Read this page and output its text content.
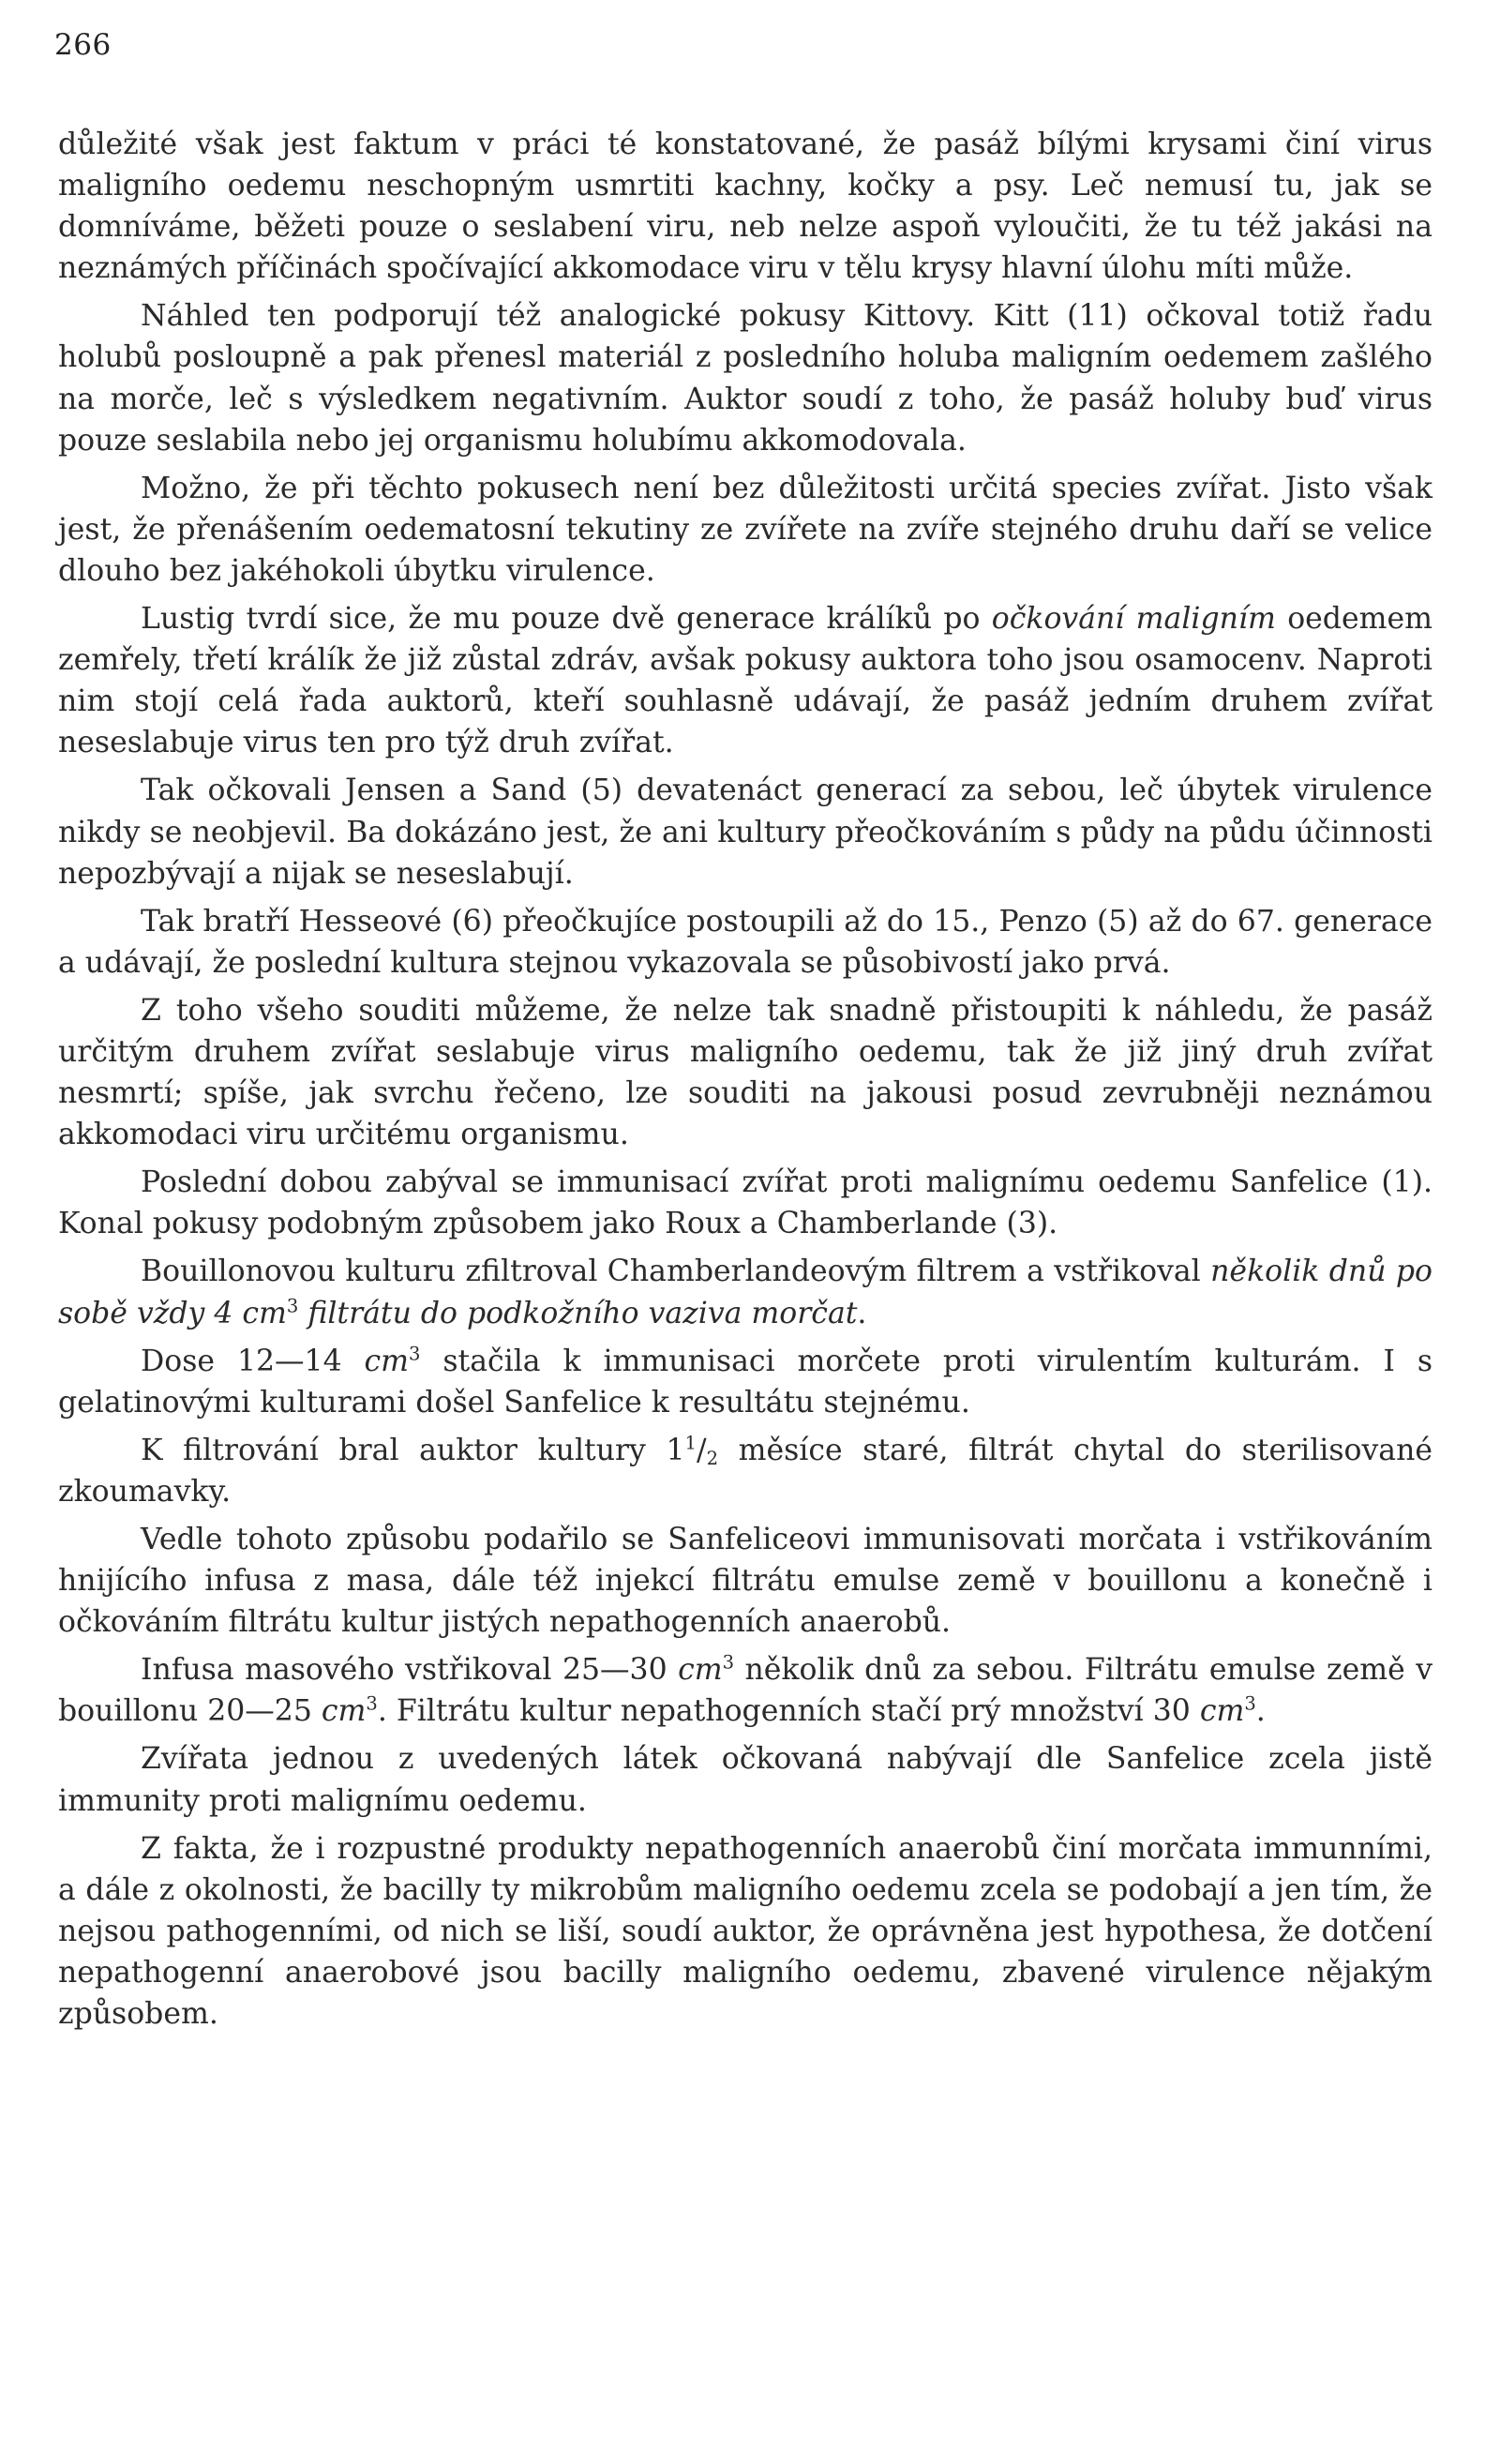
266

důležité však jest faktum v práci té konstatované, že pasáž bílými krysami činí virus maligního oedemu neschopným usmrtiti kachny, kočky a psy. Leč nemusí tu, jak se domníváme, běžeti pouze o seslabení viru, neb nelze aspoň vyloučiti, že tu též jakási na neznámých příčinách spočívající akkomodace viru v tělu krysy hlavní úlohu míti může.

Náhled ten podporují též analogické pokusy Kittovy. Kitt (11) očkoval totiž řadu holubů posloupně a pak přenesl materiál z posledního holuba maligním oedemem zašlého na morče, leč s výsledkem negativním. Auktor soudí z toho, že pasáž holuby buď virus pouze seslabila nebo jej organismu holubímu akkomodovala.

Možno, že při těchto pokusech není bez důležitosti určitá species zvířat. Jisto však jest, že přenášením oedematosní tekutiny ze zvířete na zvíře stejného druhu daří se velice dlouho bez jakéhokoli úbytku virulence.

Lustig tvrdí sice, že mu pouze dvě generace králíků po očkování maligním oedemem zemřely, třetí králík že již zůstal zdráv, avšak pokusy auktora toho jsou osamocenv. Naproti nim stojí celá řada auktorů, kteří souhlasně udávají, že pasáž jedním druhem zvířat neseslabuje virus ten pro týž druh zvířat.

Tak očkovali Jensen a Sand (5) devatenáct generací za sebou, leč úbytek virulence nikdy se neobjevil. Ba dokázáno jest, že ani kultury přeočkováním s půdy na půdu účinnosti nepozbývají a nijak se neseslabují.

Tak bratří Hesseové (6) přeočkujíce postoupili až do 15., Penzo (5) až do 67. generace a udávají, že poslední kultura stejnou vykazovala se působivostí jako prvá.

Z toho všeho souditi můžeme, že nelze tak snadně přistoupiti k náhledu, že pasáž určitým druhem zvířat seslabuje virus maligního oedemu, tak že již jiný druh zvířat nesmrtí; spíše, jak svrchu řečeno, lze souditi na jakousi posud zevrubněji neznámou akkomodaci viru určitému organismu.

Poslední dobou zabýval se immunisací zvířat proti malignímu oedemu Sanfelice (1). Konal pokusy podobným způsobem jako Roux a Chamberlande (3).

Bouillonovou kulturu zfiltroval Chamberlandeovým filtrem a vstřikoval několik dnů po sobě vždy 4 $cm^3$ filtrátu do podkožního vaziva morčat.

Dose 12—14 $cm^3$ stačila k immunisaci morčete proti virulentím kulturám. I s gelatinovými kulturami došel Sanfelice k resultátu stejnému.

K filtrování bral auktor kultury $1^1/_2$ měsíce staré, filtrát chytal do sterilisované zkoumavky.

Vedle tohoto způsobu podařilo se Sanfeliceovi immunisovati morčata i vstřikováním hnijícího infusa z masa, dále též injekcí filtrátu emulse země v bouillonu a konečně i očkováním filtrátu kultur jistých nepathogenních anaerobů.

Infusa masového vstřikoval 25—30 $cm^3$ několik dnů za sebou. Filtrátu emulse země v bouillonu 20—25 $cm^3$. Filtrátu kultur nepathogenních stačí prý množství 30 $cm^3$.

Zvířata jednou z uvedených látek očkovaná nabývají dle Sanfelice zcela jistě immunity proti malignímu oedemu.

Z fakta, že i rozpustné produkty nepathogenních anaerobů činí morčata immunními, a dále z okolnosti, že bacilly ty mikrobům maligního oedemu zcela se podobají a jen tím, že nejsou pathogenními, od nich se liší, soudí auktor, že oprávněna jest hypothesa, že dotčení nepathogenní anaerobové jsou bacilly maligního oedemu, zbavené virulence nějakým způsobem.
